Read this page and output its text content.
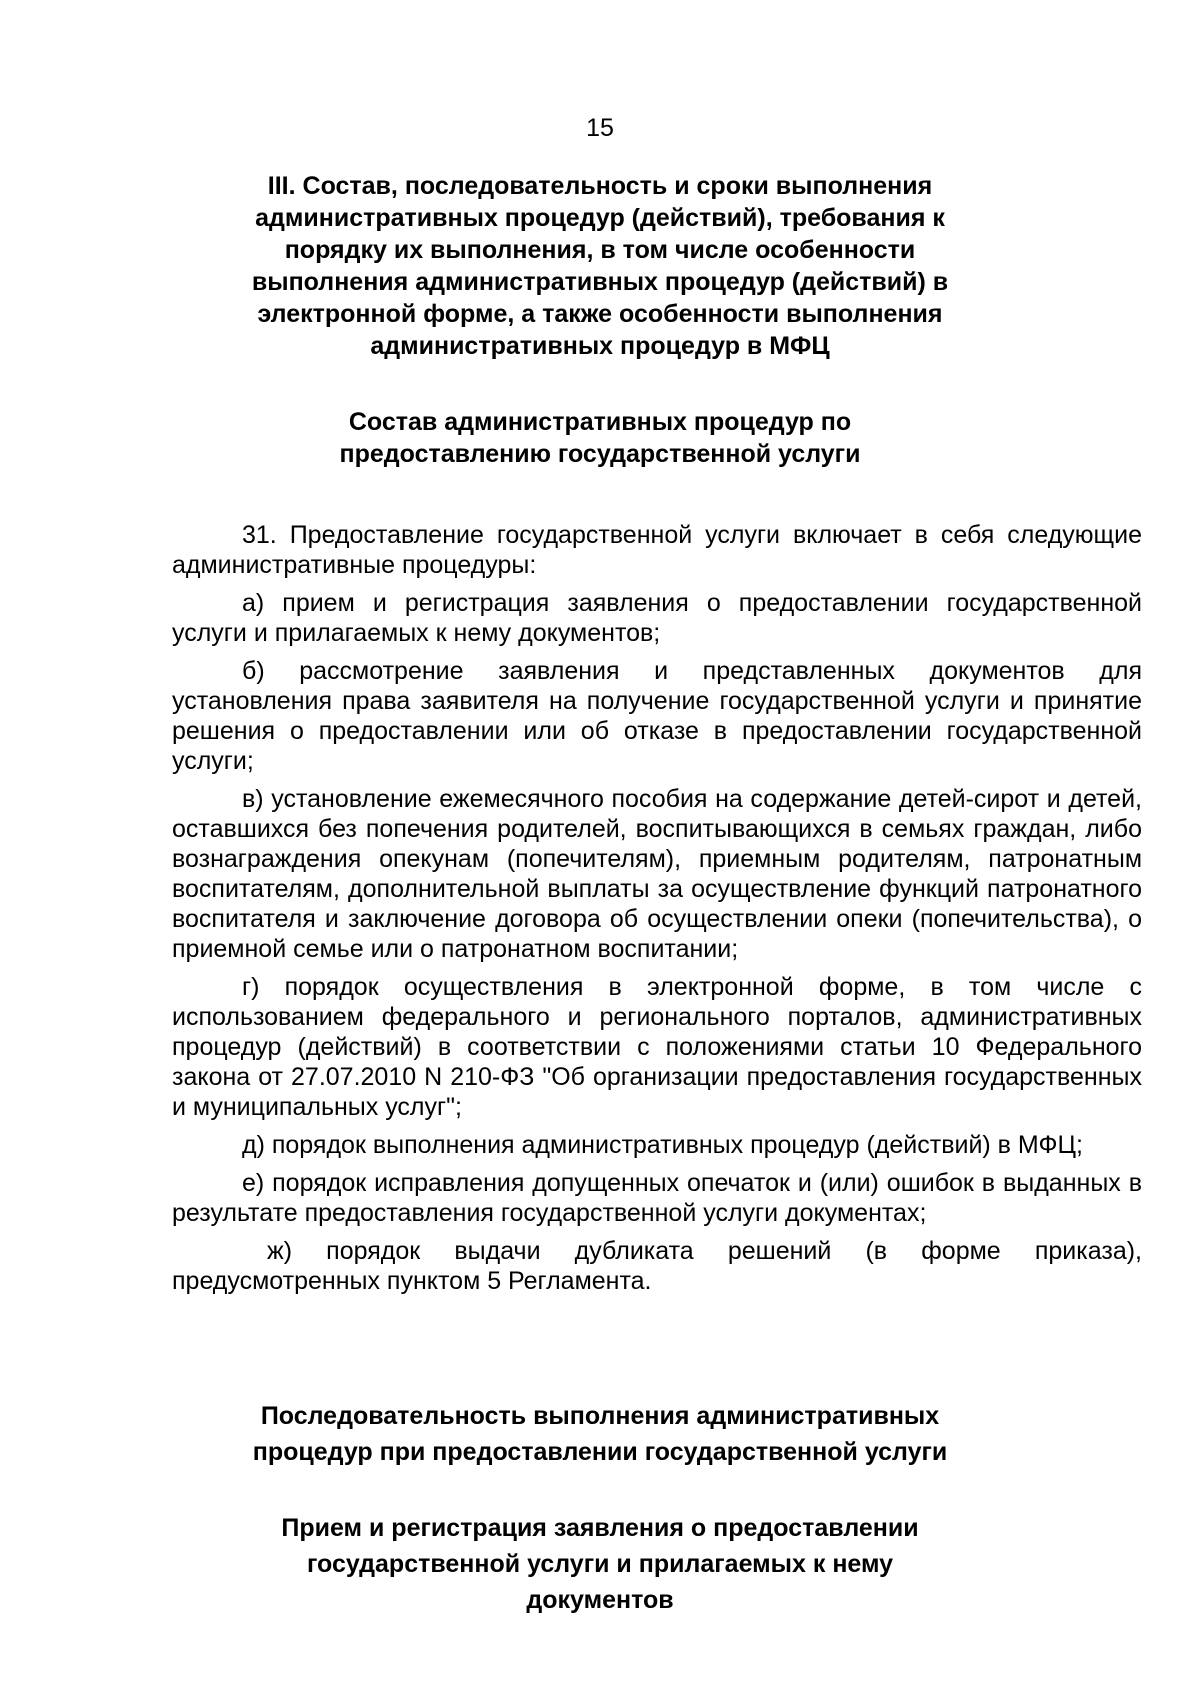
15
III. Состав, последовательность и сроки выполнения административных процедур (действий), требования к порядку их выполнения, в том числе особенности выполнения административных процедур (действий) в электронной форме, а также особенности выполнения административных процедур в МФЦ
Состав административных процедур по предоставлению государственной услуги

31. Предоставление государственной услуги включает в себя следующие административные процедуры:

а) прием и регистрация заявления о предоставлении государственной услуги и прилагаемых к нему документов;

б) рассмотрение заявления и представленных документов для установления права заявителя на получение государственной услуги и принятие решения о предоставлении или об отказе в предоставлении государственной услуги;

в) установление ежемесячного пособия на содержание детей-сирот и детей, оставшихся без попечения родителей, воспитывающихся в семьях граждан, либо вознаграждения опекунам (попечителям), приемным родителям, патронатным воспитателям, дополнительной выплаты за осуществление функций патронатного воспитателя и заключение договора об осуществлении опеки (попечительства), о приемной семье или о патронатном воспитании;

г) порядок осуществления в электронной форме, в том числе с использованием федерального и регионального порталов, административных процедур (действий) в соответствии с положениями статьи 10 Федерального закона от 27.07.2010 N 210-ФЗ "Об организации предоставления государственных и муниципальных услуг";

д) порядок выполнения административных процедур (действий) в МФЦ;

е) порядок исправления допущенных опечаток и (или) ошибок в выданных в результате предоставления государственной услуги документах;

ж) порядок выдачи дубликата решений (в форме приказа), предусмотренных пунктом 5 Регламента.

Последовательность выполнения административных процедур при предоставлении государственной услуги
Прием и регистрация заявления о предоставлении государственной услуги и прилагаемых к нему документов
